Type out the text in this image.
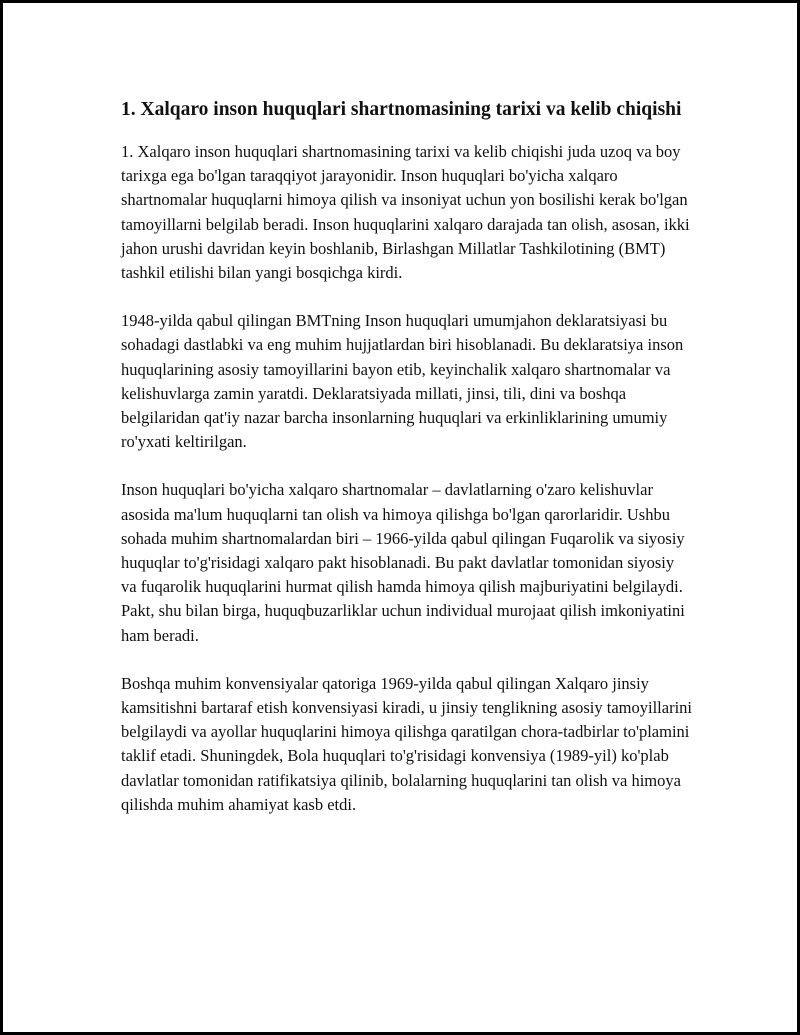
1. Xalqaro inson huquqlari shartnomasining tarixi va kelib chiqishi

1. Xalqaro inson huquqlari shartnomasining tarixi va kelib chiqishi juda uzoq va boy tarixga ega bo'lgan taraqqiyot jarayonidir. Inson huquqlari bo'yicha xalqaro shartnomalar huquqlarni himoya qilish va insoniyat uchun yon bosilishi kerak bo'lgan tamoyillarni belgilab beradi. Inson huquqlarini xalqaro darajada tan olish, asosan, ikki jahon urushi davridan keyin boshlanib, Birlashgan Millatlar Tashkilotining (BMT) tashkil etilishi bilan yangi bosqichga kirdi.

1948-yilda qabul qilingan BMTning Inson huquqlari umumjahon deklaratsiyasi bu sohadagi dastlabki va eng muhim hujjatlardan biri hisoblanadi. Bu deklaratsiya inson huquqlarining asosiy tamoyillarini bayon etib, keyinchalik xalqaro shartnomalar va kelishuvlarga zamin yaratdi. Deklaratsiyada millati, jinsi, tili, dini va boshqa belgilaridan qat'iy nazar barcha insonlarning huquqlari va erkinliklarining umumiy ro'yxati keltirilgan.

Inson huquqlari bo'yicha xalqaro shartnomalar – davlatlarning o'zaro kelishuvlar asosida ma'lum huquqlarni tan olish va himoya qilishga bo'lgan qarorlaridir. Ushbu sohada muhim shartnomalardan biri – 1966-yilda qabul qilingan Fuqarolik va siyosiy huquqlar to'g'risidagi xalqaro pakt hisoblanadi. Bu pakt davlatlar tomonidan siyosiy va fuqarolik huquqlarini hurmat qilish hamda himoya qilish majburiyatini belgilaydi. Pakt, shu bilan birga, huquqbuzarliklar uchun individual murojaat qilish imkoniyatini ham beradi.

Boshqa muhim konvensiyalar qatoriga 1969-yilda qabul qilingan Xalqaro jinsiy kamsitishni bartaraf etish konvensiyasi kiradi, u jinsiy tenglikning asosiy tamoyillarini belgilaydi va ayollar huquqlarini himoya qilishga qaratilgan chora-tadbirlar to'plamini taklif etadi. Shuningdek, Bola huquqlari to'g'risidagi konvensiya (1989-yil) ko'plab davlatlar tomonidan ratifikatsiya qilinib, bolalarning huquqlarini tan olish va himoya qilishda muhim ahamiyat kasb etdi.
